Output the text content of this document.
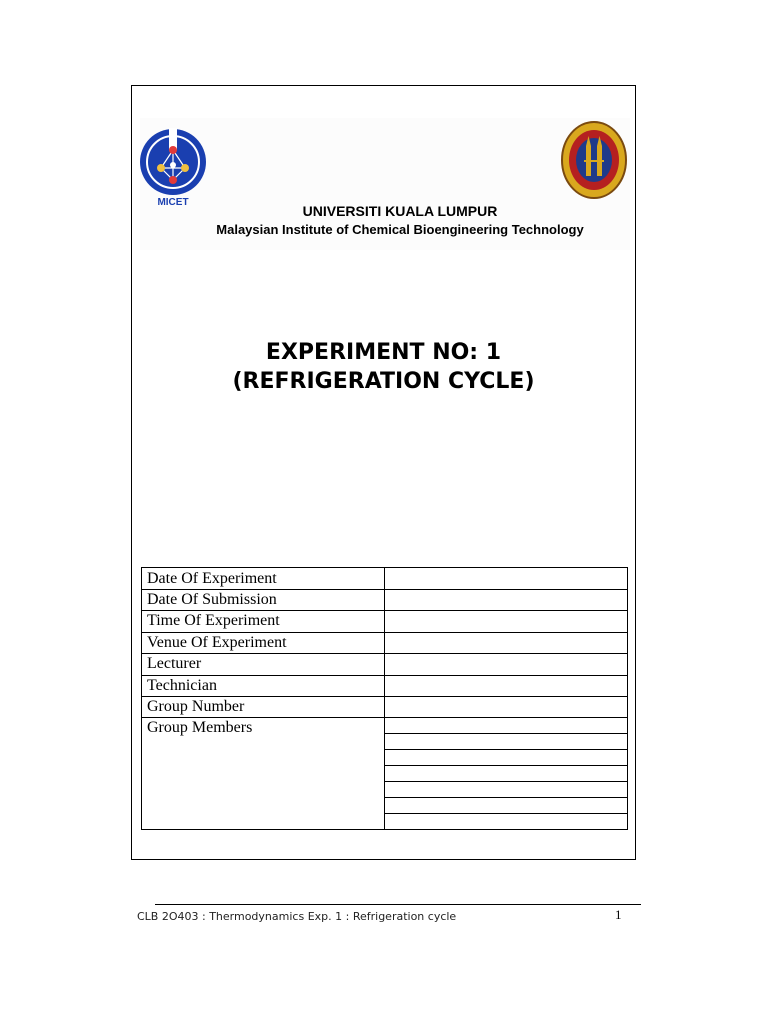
MICET
UNIVERSITI KUALA LUMPUR
Malaysian Institute of Chemical Bioengineering Technology
EXPERIMENT NO: 1
(REFRIGERATION CYCLE)
Date Of Experiment
Date Of Submission
Time Of Experiment
Venue Of Experiment
Lecturer
Technician
Group Number
Group Members
CLB 2O403 : Thermodynamics Exp. 1 : Refrigeration cycle	1
